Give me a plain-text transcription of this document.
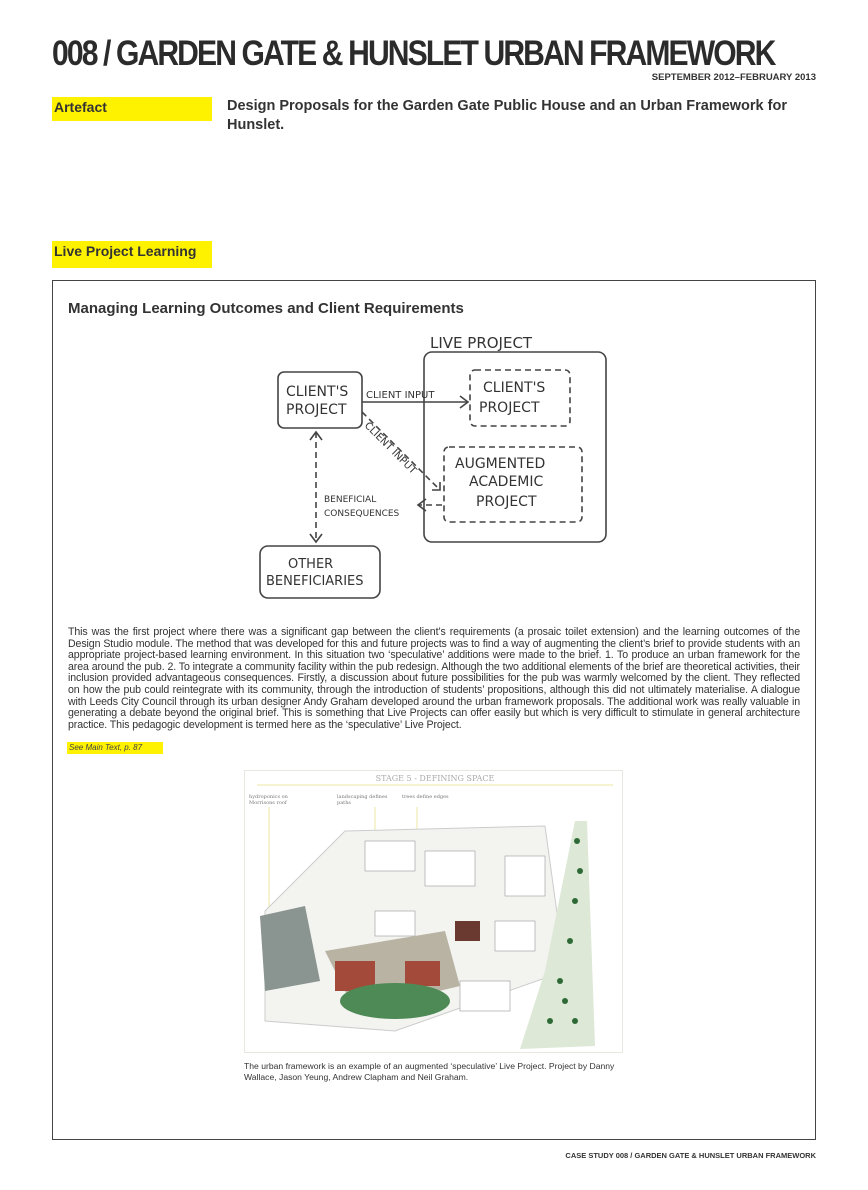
008 / GARDEN GATE & HUNSLET URBAN FRAMEWORK
SEPTEMBER 2012–FEBRUARY 2013
Artefact	Design Proposals for the Garden Gate Public House and an Urban Framework for Hunslet.
Live Project Learning
Managing Learning Outcomes and Client Requirements
LIVE PROJECT
CLIENT'S
PROJECT
CLIENT INPUT
CLIENT INPUT
CLIENT'S
PROJECT
AUGMENTED
ACADEMIC
PROJECT
BENEFICIAL
CONSEQUENCES
OTHER
BENEFICIARIES
This was the first project where there was a significant gap between the client’s requirements (a prosaic toilet extension) and the learning outcomes of the Design Studio module. The method that was developed for this and future projects was to find a way of augmenting the client’s brief to provide students with an appropriate project-based learning environment. In this situation two ‘speculative’ additions were made to the brief. 1. To produce an urban framework for the area around the pub. 2. To integrate a community facility within the pub redesign. Although the two additional elements of the brief are theoretical activities, their inclusion provided advantageous consequences. Firstly, a discussion about future possibilities for the pub was warmly welcomed by the client. They reflected on how the pub could reintegrate with its community, through the introduction of students’ propositions, although this did not ultimately materialise. A dialogue with Leeds City Council through its urban designer Andy Graham developed around the urban framework proposals. The additional work was really valuable in generating a debate beyond the original brief. This is something that Live Projects can offer easily but which is very difficult to stimulate in general architecture practice. This pedagogic development is termed here as the ‘speculative’ Live Project.
See Main Text, p. 87
STAGE 5 - DEFINING SPACE
hydroponics on
Morrisons roof
landscaping defines
paths
trees define edges
The urban framework is an example of an augmented ‘speculative’ Live Project. Project by Danny Wallace, Jason Yeung, Andrew Clapham and Neil Graham.
CASE STUDY 008 / GARDEN GATE & HUNSLET URBAN FRAMEWORK
